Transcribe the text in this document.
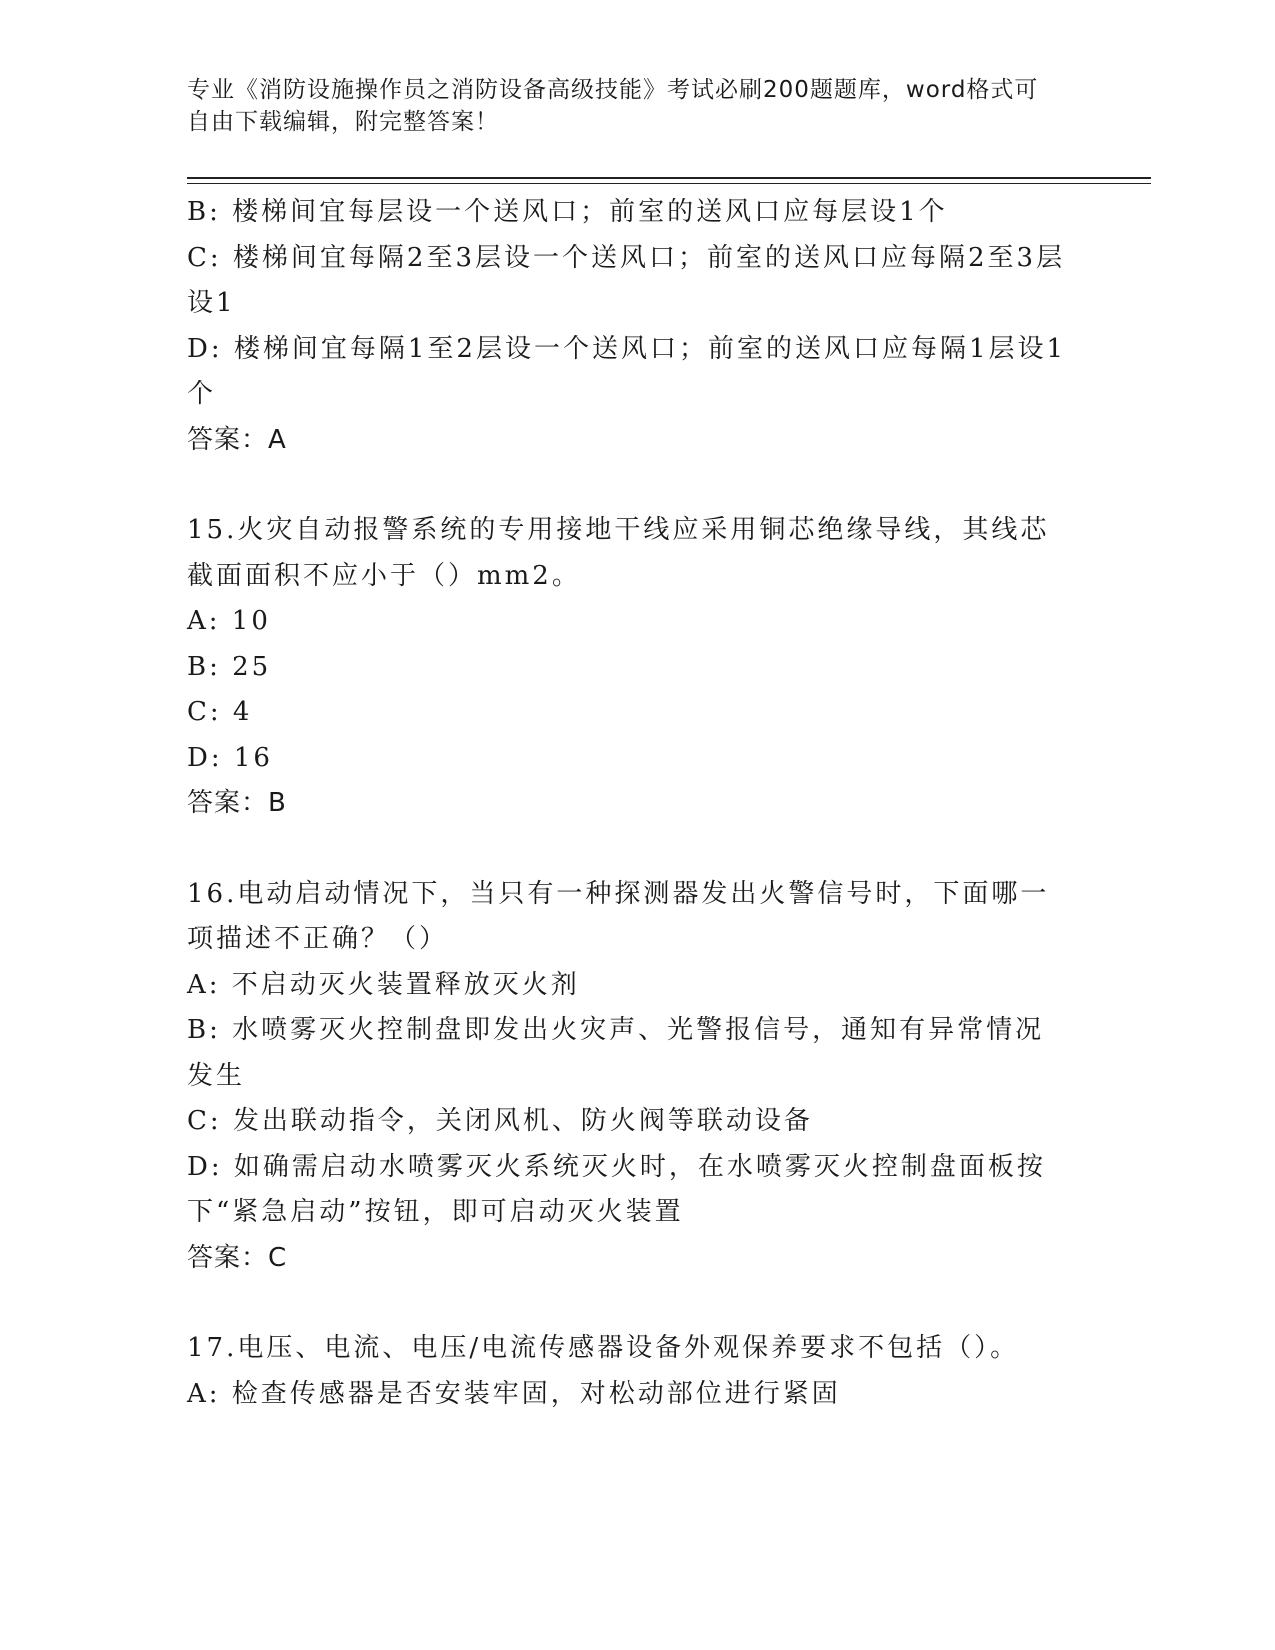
专业《消防设施操作员之消防设备高级技能》考试必刷200题题库，word格式可
自由下载编辑，附完整答案！

B: 楼梯间宜每层设一个送风口；前室的送风口应每层设1个

C: 楼梯间宜每隔2至3层设一个送风口；前室的送风口应每隔2至3层设1

D: 楼梯间宜每隔1至2层设一个送风口；前室的送风口应每隔1层设1个

答案：A

15.火灾自动报警系统的专用接地干线应采用铜芯绝缘导线，其线芯截面面积不应小于（）mm2。

A: 10

B: 25

C: 4

D: 16

答案：B

16.电动启动情况下，当只有一种探测器发出火警信号时，下面哪一项描述不正确？（）

A: 不启动灭火装置释放灭火剂

B: 水喷雾灭火控制盘即发出火灾声、光警报信号，通知有异常情况发生

C: 发出联动指令，关闭风机、防火阀等联动设备

D: 如确需启动水喷雾灭火系统灭火时，在水喷雾灭火控制盘面板按下“紧急启动”按钮，即可启动灭火装置

答案：C

17.电压、电流、电压/电流传感器设备外观保养要求不包括（）。

A: 检查传感器是否安装牢固，对松动部位进行紧固
